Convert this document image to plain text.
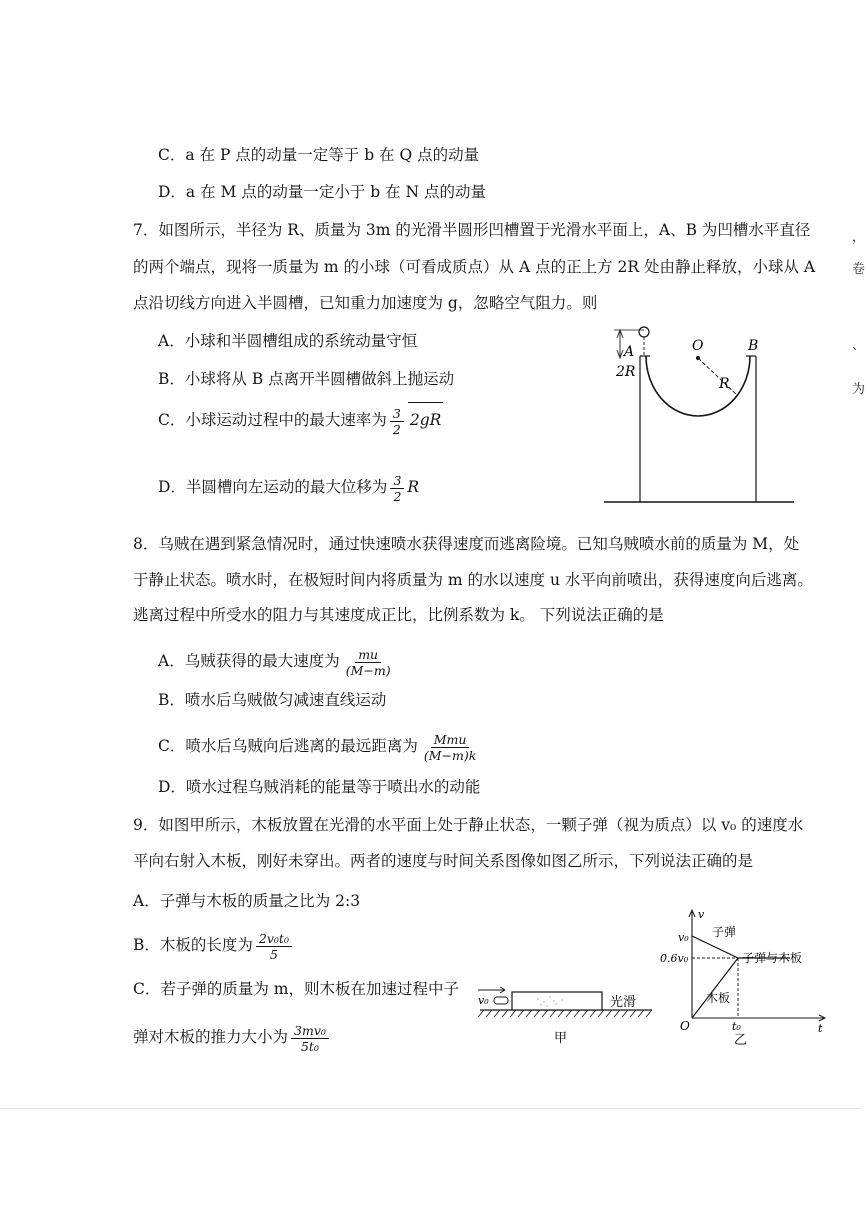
C．a 在 P 点的动量一定等于 b 在 Q 点的动量
D．a 在 M 点的动量一定小于 b 在 N 点的动量
7．如图所示，半径为 R、质量为 3m 的光滑半圆形凹槽置于光滑水平面上，A、B 为凹槽水平直径
的两个端点，现将一质量为 m 的小球（可看成质点）从 A 点的正上方 2R 处由静止释放，小球从 A
点沿切线方向进入半圆槽，已知重力加速度为 g，忽略空气阻力。则
A．小球和半圆槽组成的系统动量守恒
B．小球将从 B 点离开半圆槽做斜上抛运动
C．小球运动过程中的最大速率为 $\frac{3}{2} 2gR$
D．半圆槽向左运动的最大位移为 $\frac{3}{2}$ R
2R
A	B
O
R
8．乌贼在遇到紧急情况时，通过快速喷水获得速度而逃离险境。已知乌贼喷水前的质量为 M，处
于静止状态。喷水时，在极短时间内将质量为 m 的水以速度 u 水平向前喷出，获得速度向后逃离。
逃离过程中所受水的阻力与其速度成正比，比例系数为 k。 下列说法正确的是
A．乌贼获得的最大速度为 $\frac{mu}{(M-m)}$
B．喷水后乌贼做匀减速直线运动
C．喷水后乌贼向后逃离的最远距离为 $\frac{\text{Mmu}}{(M-m)k}$
D．喷水过程乌贼消耗的能量等于喷出水的动能
9．如图甲所示，木板放置在光滑的水平面上处于静止状态，一颗子弹（视为质点）以 v₀ 的速度水
平向右射入木板，刚好未穿出。两者的速度与时间关系图像如图乙所示，下列说法正确的是
A．子弹与木板的质量之比为 2:3
B．木板的长度为 $\frac{\text{2v₀t₀}}{5}$
C．若子弹的质量为 m，则木板在加速过程中子
弹对木板的推力大小为 $\frac{\text{3mv₀}}{\text{5t₀}}$
v₀	光滑
甲
v
t
O
v₀
0.6v₀
t₀
子弹
子弹与木板
木板
乙
，
卷
、
为
